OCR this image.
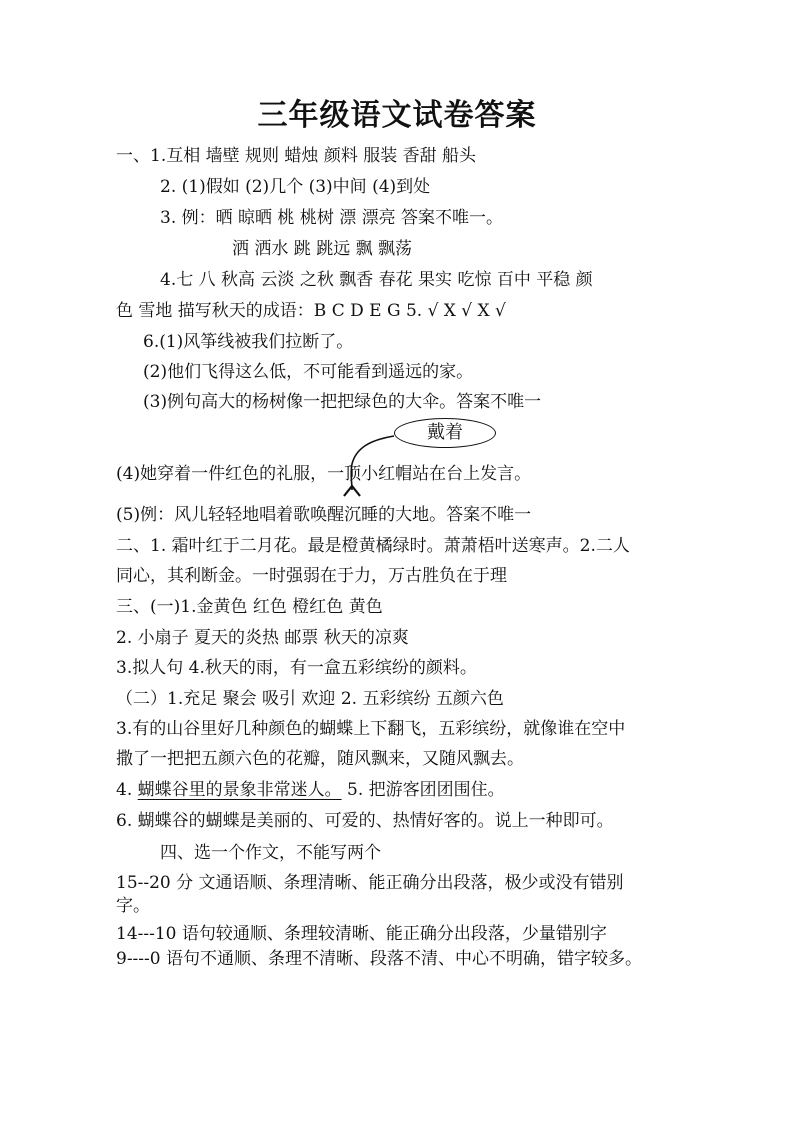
三年级语文试卷答案
一、1.互相 墙壁 规则 蜡烛 颜料 服装 香甜 船头
2. (1)假如 (2)几个 (3)中间 (4)到处
3. 例：晒 晾晒 桃 桃树 漂 漂亮 答案不唯一。
洒 洒水 跳 跳远 飘 飘荡
4.七 八 秋高 云淡 之秋 飘香 春花 果实 吃惊 百中 平稳 颜
色 雪地 描写秋天的成语：B C D E G 5. √ X √ X √
6.(1)风筝线被我们拉断了。
(2)他们飞得这么低，不可能看到遥远的家。
(3)例句高大的杨树像一把把绿色的大伞。答案不唯一
戴着
(4)她穿着一件红色的礼服，一顶小红帽站在台上发言。
(5)例：风儿轻轻地唱着歌唤醒沉睡的大地。答案不唯一
二、1. 霜叶红于二月花。最是橙黄橘绿时。萧萧梧叶送寒声。2.二人
同心，其利断金。一时强弱在于力，万古胜负在于理
三、(一)1.金黄色 红色 橙红色 黄色
2. 小扇子 夏天的炎热 邮票 秋天的凉爽
3.拟人句 4.秋天的雨，有一盒五彩缤纷的颜料。
（二）1.充足 聚会 吸引 欢迎 2. 五彩缤纷 五颜六色
3.有的山谷里好几种颜色的蝴蝶上下翻飞，五彩缤纷，就像谁在空中
撒了一把把五颜六色的花瓣，随风飘来，又随风飘去。
4. 蝴蝶谷里的景象非常迷人。 5. 把游客团团围住。
6. 蝴蝶谷的蝴蝶是美丽的、可爱的、热情好客的。说上一种即可。
四、选一个作文，不能写两个
15--20 分 文通语顺、条理清晰、能正确分出段落，极少或没有错别
字。
14---10 语句较通顺、条理较清晰、能正确分出段落，少量错别字
9----0 语句不通顺、条理不清晰、段落不清、中心不明确，错字较多。
